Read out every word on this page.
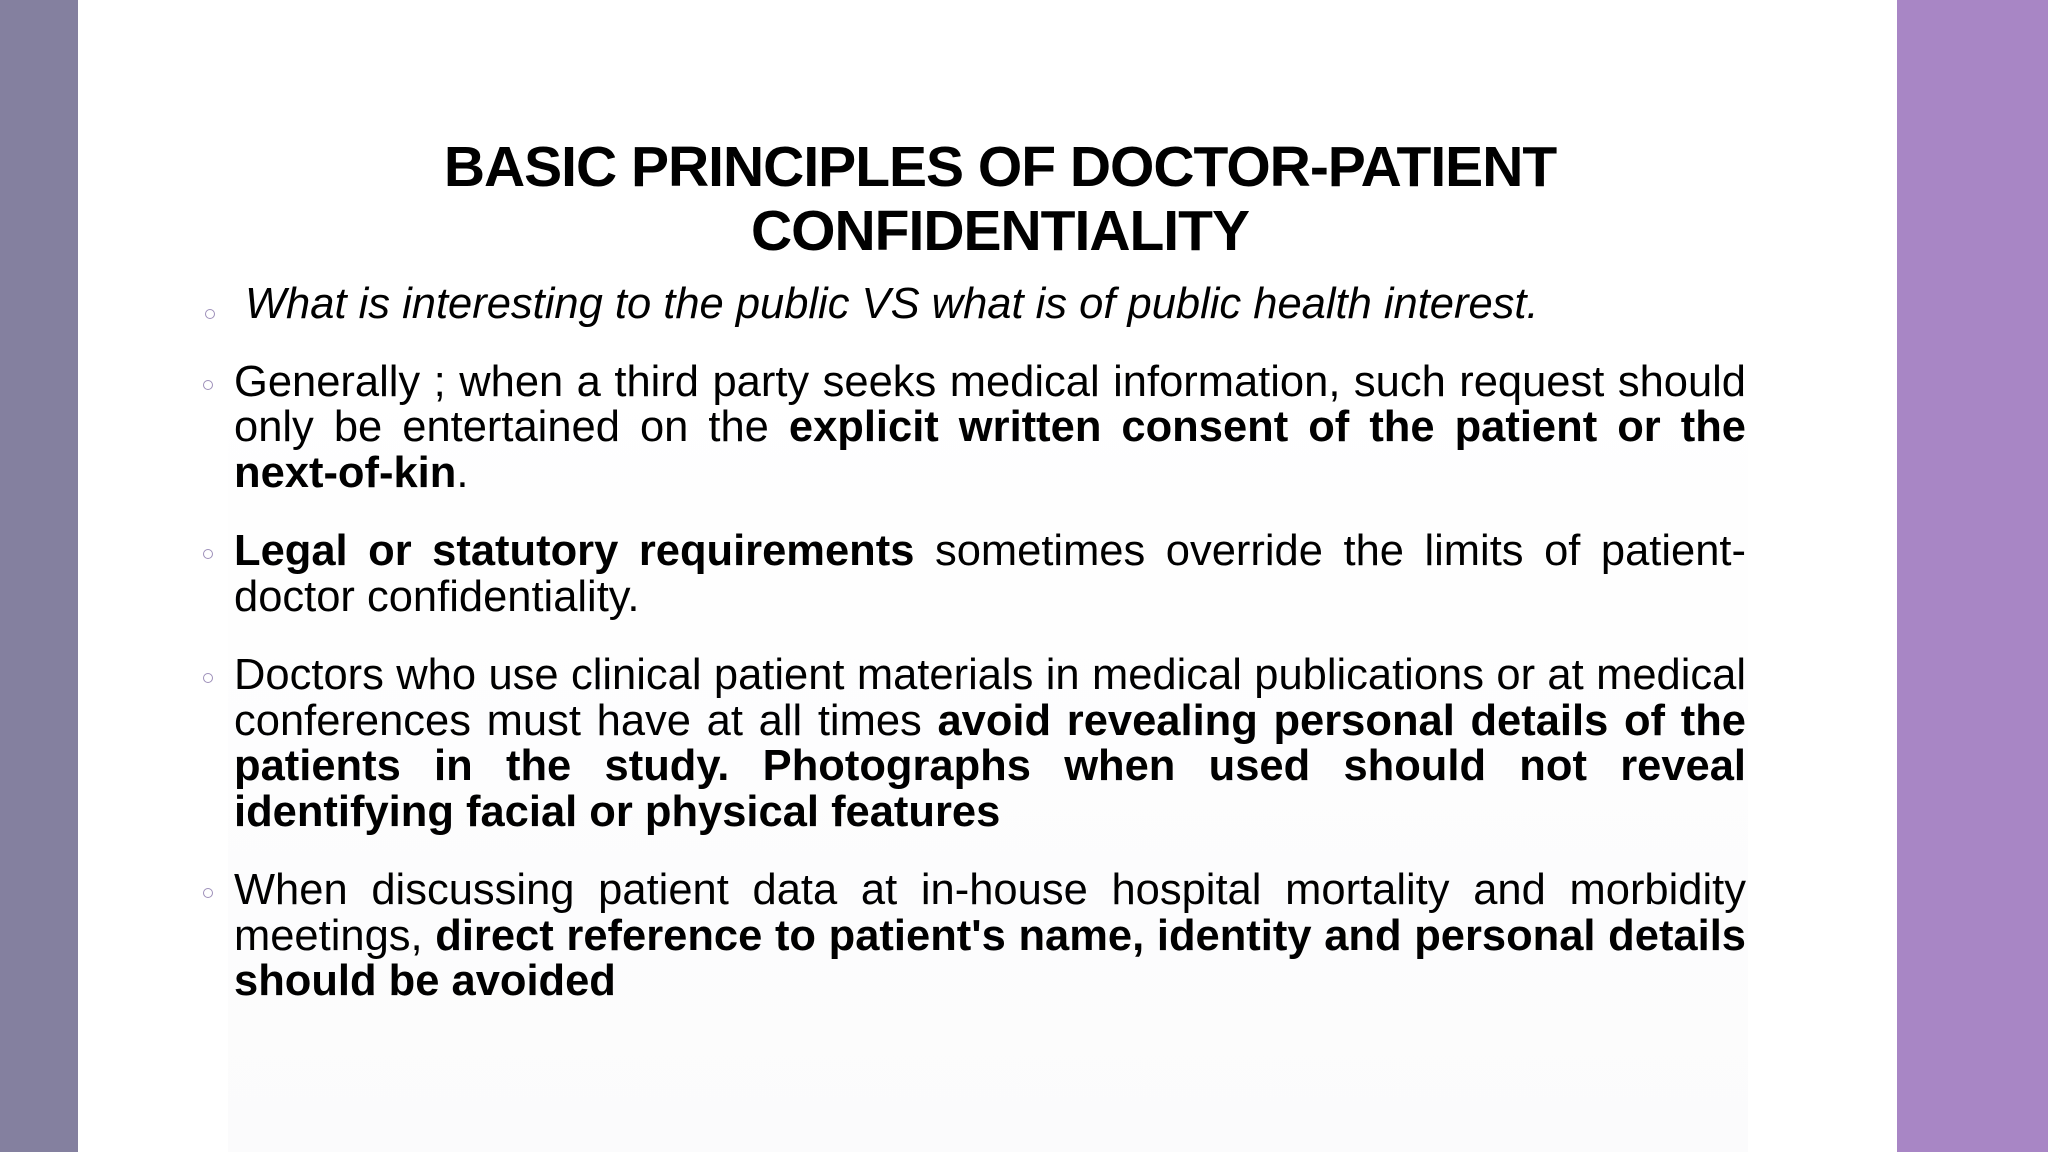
BASIC PRINCIPLES OF DOCTOR-PATIENT
CONFIDENTIALITY
What is interesting to the public VS what is of public health interest.
Generally ; when a third party seeks medical information, such request should only be entertained on the explicit written consent of the patient or the next-of-kin.
Legal or statutory requirements sometimes override the limits of patient-doctor confidentiality.
Doctors who use clinical patient materials in medical publications or at medical conferences must have at all times avoid revealing personal details of the patients in the study. Photographs when used should not reveal identifying facial or physical features
When discussing patient data at in-house hospital mortality and morbidity meetings, direct reference to patient's name, identity and personal details should be avoided
